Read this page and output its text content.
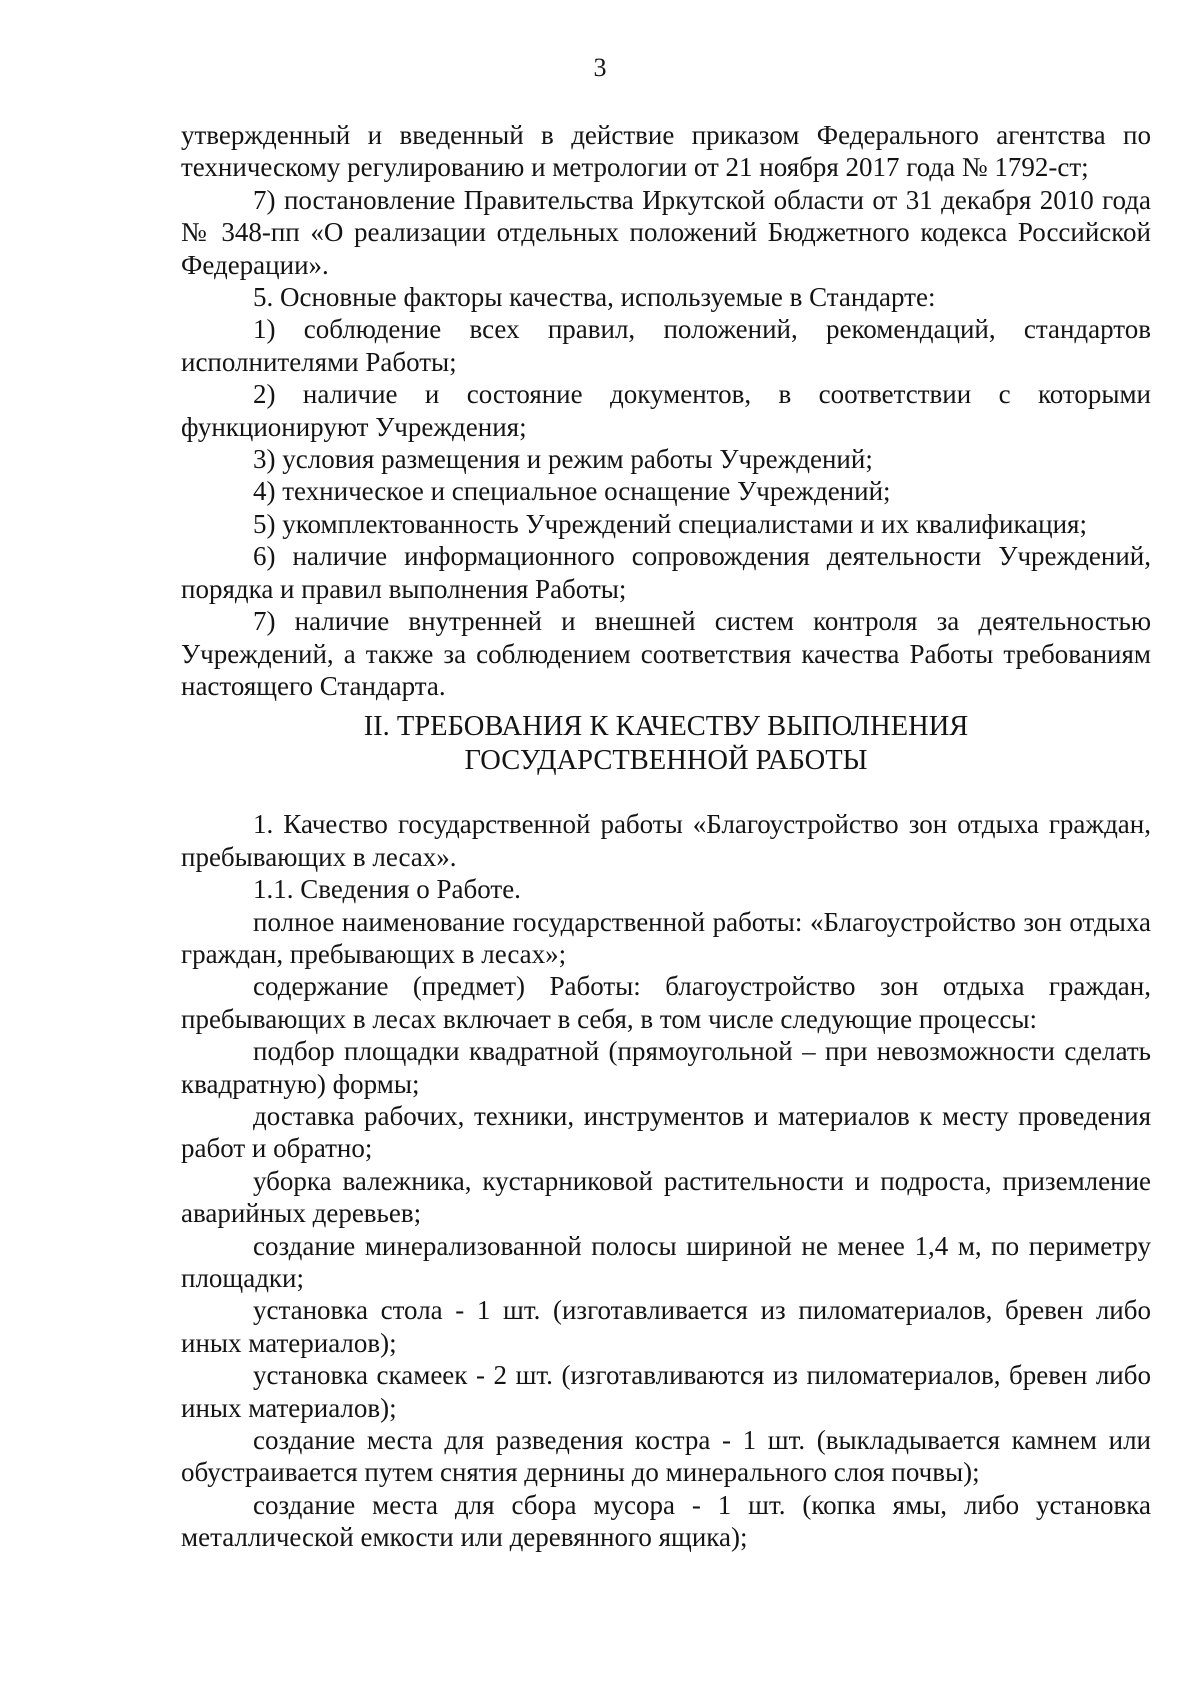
3

утвержденный и введенный в действие приказом Федерального агентства по техническому регулированию и метрологии от 21 ноября 2017 года № 1792-ст;

7) постановление Правительства Иркутской области от 31 декабря 2010 года № 348-пп «О реализации отдельных положений Бюджетного кодекса Российской Федерации».

5. Основные факторы качества, используемые в Стандарте:

1) соблюдение всех правил, положений, рекомендаций, стандартов исполнителями Работы;

2) наличие и состояние документов, в соответствии с которыми функционируют Учреждения;

3) условия размещения и режим работы Учреждений;

4) техническое и специальное оснащение Учреждений;

5) укомплектованность Учреждений специалистами и их квалификация;

6) наличие информационного сопровождения деятельности Учреждений, порядка и правил выполнения Работы;

7) наличие внутренней и внешней систем контроля за деятельностью Учреждений, а также за соблюдением соответствия качества Работы требованиям настоящего Стандарта.

II. ТРЕБОВАНИЯ К КАЧЕСТВУ ВЫПОЛНЕНИЯ
ГОСУДАРСТВЕННОЙ РАБОТЫ

1. Качество государственной работы «Благоустройство зон отдыха граждан, пребывающих в лесах».

1.1. Сведения о Работе.

полное наименование государственной работы: «Благоустройство зон отдыха граждан, пребывающих в лесах»;

содержание (предмет) Работы: благоустройство зон отдыха граждан, пребывающих в лесах включает в себя, в том числе следующие процессы:

подбор площадки квадратной (прямоугольной – при невозможности сделать квадратную) формы;

доставка рабочих, техники, инструментов и материалов к месту проведения работ и обратно;

уборка валежника, кустарниковой растительности и подроста, приземление аварийных деревьев;

создание минерализованной полосы шириной не менее 1,4 м, по периметру площадки;

установка стола - 1 шт. (изготавливается из пиломатериалов, бревен либо иных материалов);

установка скамеек - 2 шт. (изготавливаются из пиломатериалов, бревен либо иных материалов);

создание места для разведения костра - 1 шт. (выкладывается камнем или обустраивается путем снятия дернины до минерального слоя почвы);

создание места для сбора мусора - 1 шт. (копка ямы, либо установка металлической емкости или деревянного ящика);
